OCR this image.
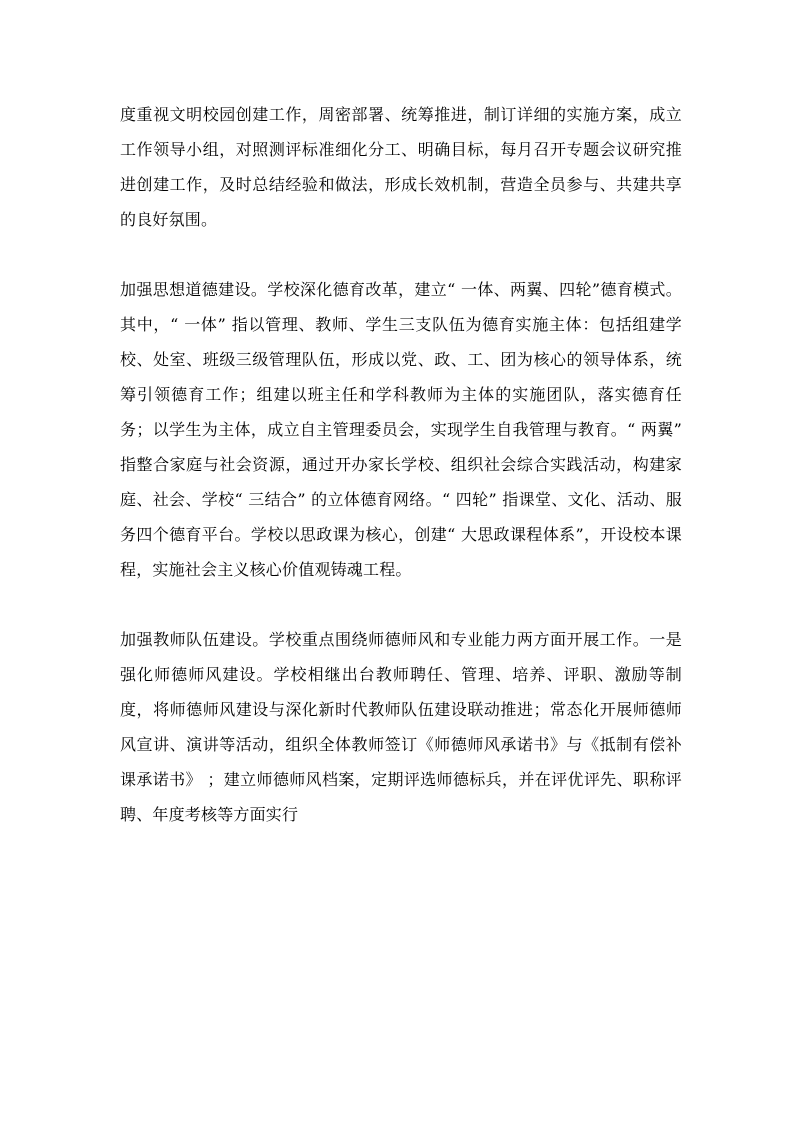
度重视文明校园创建工作，周密部署、统筹推进，制订详细的实施方案，成立工作领导小组，对照测评标准细化分工、明确目标，每月召开专题会议研究推进创建工作，及时总结经验和做法，形成长效机制，营造全员参与、共建共享的良好氛围。

加强思想道德建设。学校深化德育改革，建立“ 一体、两翼、四轮”德育模式。其中，“ 一体” 指以管理、教师、学生三支队伍为德育实施主体：包括组建学校、处室、班级三级管理队伍，形成以党、政、工、团为核心的领导体系，统筹引领德育工作；组建以班主任和学科教师为主体的实施团队，落实德育任务；以学生为主体，成立自主管理委员会，实现学生自我管理与教育。“ 两翼” 指整合家庭与社会资源，通过开办家长学校、组织社会综合实践活动，构建家庭、社会、学校“ 三结合” 的立体德育网络。“ 四轮” 指课堂、文化、活动、服务四个德育平台。学校以思政课为核心，创建“ 大思政课程体系”，开设校本课程，实施社会主义核心价值观铸魂工程。

加强教师队伍建设。学校重点围绕师德师风和专业能力两方面开展工作。一是强化师德师风建设。学校相继出台教师聘任、管理、培养、评职、激励等制度，将师德师风建设与深化新时代教师队伍建设联动推进；常态化开展师德师风宣讲、演讲等活动，组织全体教师签订《师德师风承诺书》与《抵制有偿补课承诺书》 ；建立师德师风档案，定期评选师德标兵，并在评优评先、职称评聘、年度考核等方面实行
